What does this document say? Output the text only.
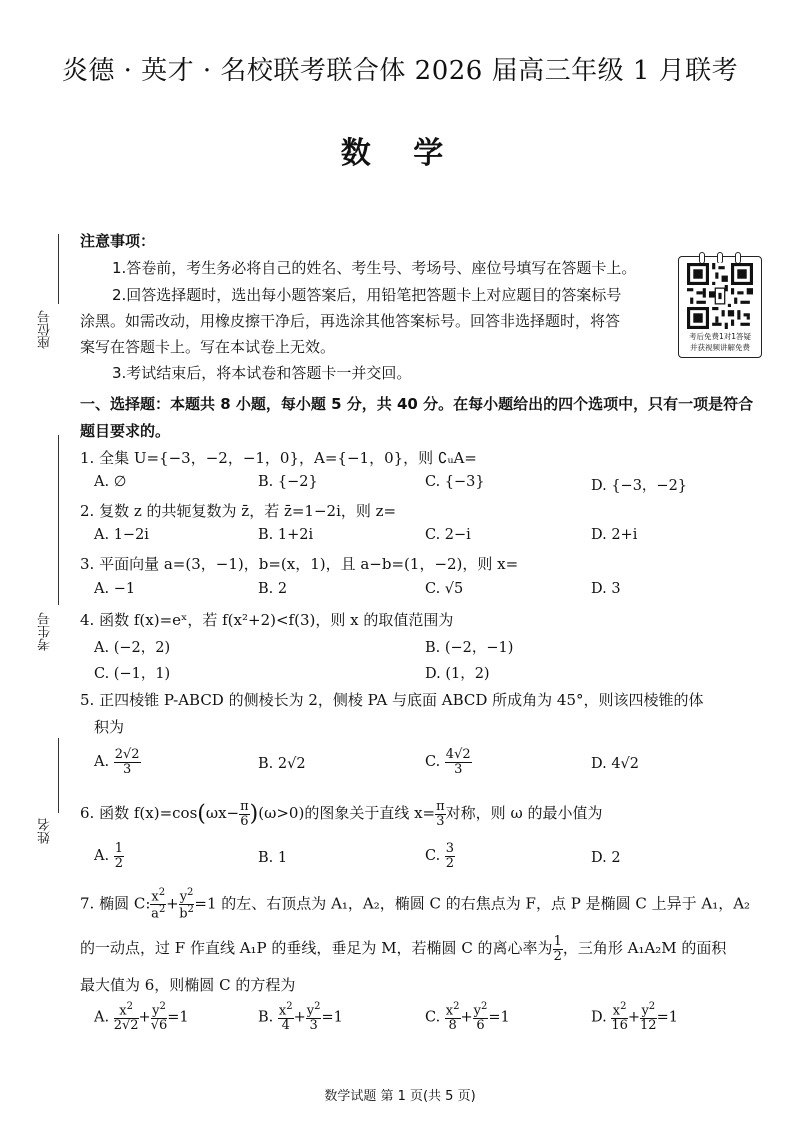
炎德 · 英才 · 名校联考联合体 2026 届高三年级 1 月联考
数 学
座位号
考生号
姓名
注意事项：
1.答卷前，考生务必将自己的姓名、考生号、考场号、座位号填写在答题卡上。
2.回答选择题时，选出每小题答案后，用铅笔把答题卡上对应题目的答案标号
涂黑。如需改动，用橡皮擦干净后，再选涂其他答案标号。回答非选择题时，将答
案写在答题卡上。写在本试卷上无效。
3.考试结束后，将本试卷和答题卡一并交回。
考后免费1对1答疑
并获视频讲解免费
一、选择题：本题共 8 小题，每小题 5 分，共 40 分。在每小题给出的四个选项中，只有一项是符合
题目要求的。
1. 全集 U={−3，−2，−1，0}，A={−1，0}，则 ∁ᵤA=
A. ∅	B. {−2}	C. {−3}	D. {−3，−2}
2. 复数 z 的共轭复数为 z̄，若 z̄=1−2i，则 z=
A. 1−2i	B. 1+2i	C. 2−i	D. 2+i
3. 平面向量 a=(3，−1)，b=(x，1)，且 a−b=(1，−2)，则 x=
A. −1	B. 2	C. √5	D. 3
4. 函数 f(x)=eˣ，若 f(x²+2)<f(3)，则 x 的取值范围为
A. (−2，2)	B. (−2，−1)
C. (−1，1)	D. (1，2)
5. 正四棱锥 P-ABCD 的侧棱长为 2，侧棱 PA 与底面 ABCD 所成角为 45°，则该四棱锥的体
积为
A. $\frac{2√2}{3}$	B. 2√2	C. $\frac{4√2}{3}$	D. 4√2
6. 函数 $f(x)=\cos(\omega x- \frac{\pi}{6} )(\omega>0)$的图象关于直线 $x= \frac{\pi}{3}$ 对称，则 ω 的最小值为
A. $\frac{1}{2}$	B. 1	C. $\frac{3}{2}$	D. 2
7. 椭圆 C: $\frac{x^2}{a^2} + \frac{y^2}{b^2} =1$ 的左、右顶点为 A₁，A₂，椭圆 C 的右焦点为 F，点 P 是椭圆 C 上异于 A₁，A₂
的一动点，过 F 作直线 A₁P 的垂线，垂足为 M，若椭圆 C 的离心率为 $\frac{1}{2}$ ，三角形 A₁A₂M 的面积
最大值为 6，则椭圆 C 的方程为
A. $\frac{x^2}{2√2} + \frac{y^2}{√6} =1$	B. $\frac{x^2}{4} + \frac{y^2}{3} =1$	C. $\frac{x^2}{8} + \frac{y^2}{6} =1$	D. $\frac{x^2}{16} + \frac{y^2}{12} =1$
数学试题 第 1 页(共 5 页)
